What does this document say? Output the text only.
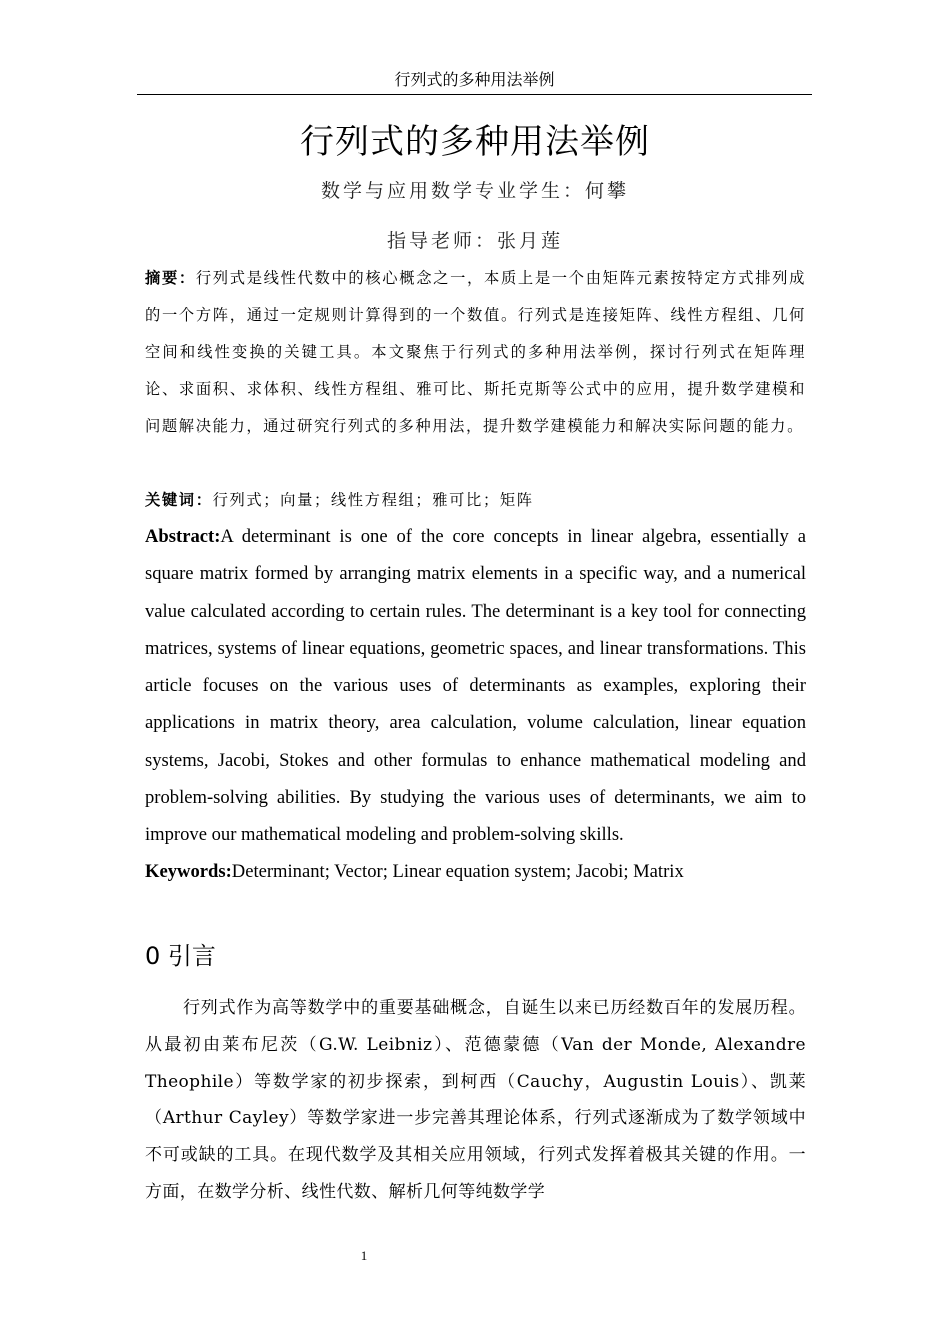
行列式的多种用法举例
行列式的多种用法举例
数学与应用数学专业学生：何攀
指导老师：张月莲
摘要：行列式是线性代数中的核心概念之一，本质上是一个由矩阵元素按特定方式排列成的一个方阵，通过一定规则计算得到的一个数值。行列式是连接矩阵、线性方程组、几何空间和线性变换的关键工具。本文聚焦于行列式的多种用法举例，探讨行列式在矩阵理论、求面积、求体积、线性方程组、雅可比、斯托克斯等公式中的应用，提升数学建模和问题解决能力，通过研究行列式的多种用法，提升数学建模能力和解决实际问题的能力。
关键词：行列式；向量；线性方程组；雅可比；矩阵
Abstract:A determinant is one of the core concepts in linear algebra, essentially a square matrix formed by arranging matrix elements in a specific way, and a numerical value calculated according to certain rules. The determinant is a key tool for connecting matrices, systems of linear equations, geometric spaces, and linear transformations. This article focuses on the various uses of determinants as examples, exploring their applications in matrix theory, area calculation, volume calculation, linear equation systems, Jacobi, Stokes and other formulas to enhance mathematical modeling and problem-solving abilities. By studying the various uses of determinants, we aim to improve our mathematical modeling and problem-solving skills.
Keywords:Determinant; Vector; Linear equation system; Jacobi; Matrix
0 引言
行列式作为高等数学中的重要基础概念，自诞生以来已历经数百年的发展历程。从最初由莱布尼茨（G.W. Leibniz）、范德蒙德（Van der Monde, Alexandre Theophile）等数学家的初步探索，到柯西（Cauchy，Augustin Louis）、凯莱（Arthur Cayley）等数学家进一步完善其理论体系，行列式逐渐成为了数学领域中不可或缺的工具。在现代数学及其相关应用领域，行列式发挥着极其关键的作用。一方面，在数学分析、线性代数、解析几何等纯数学学
1
